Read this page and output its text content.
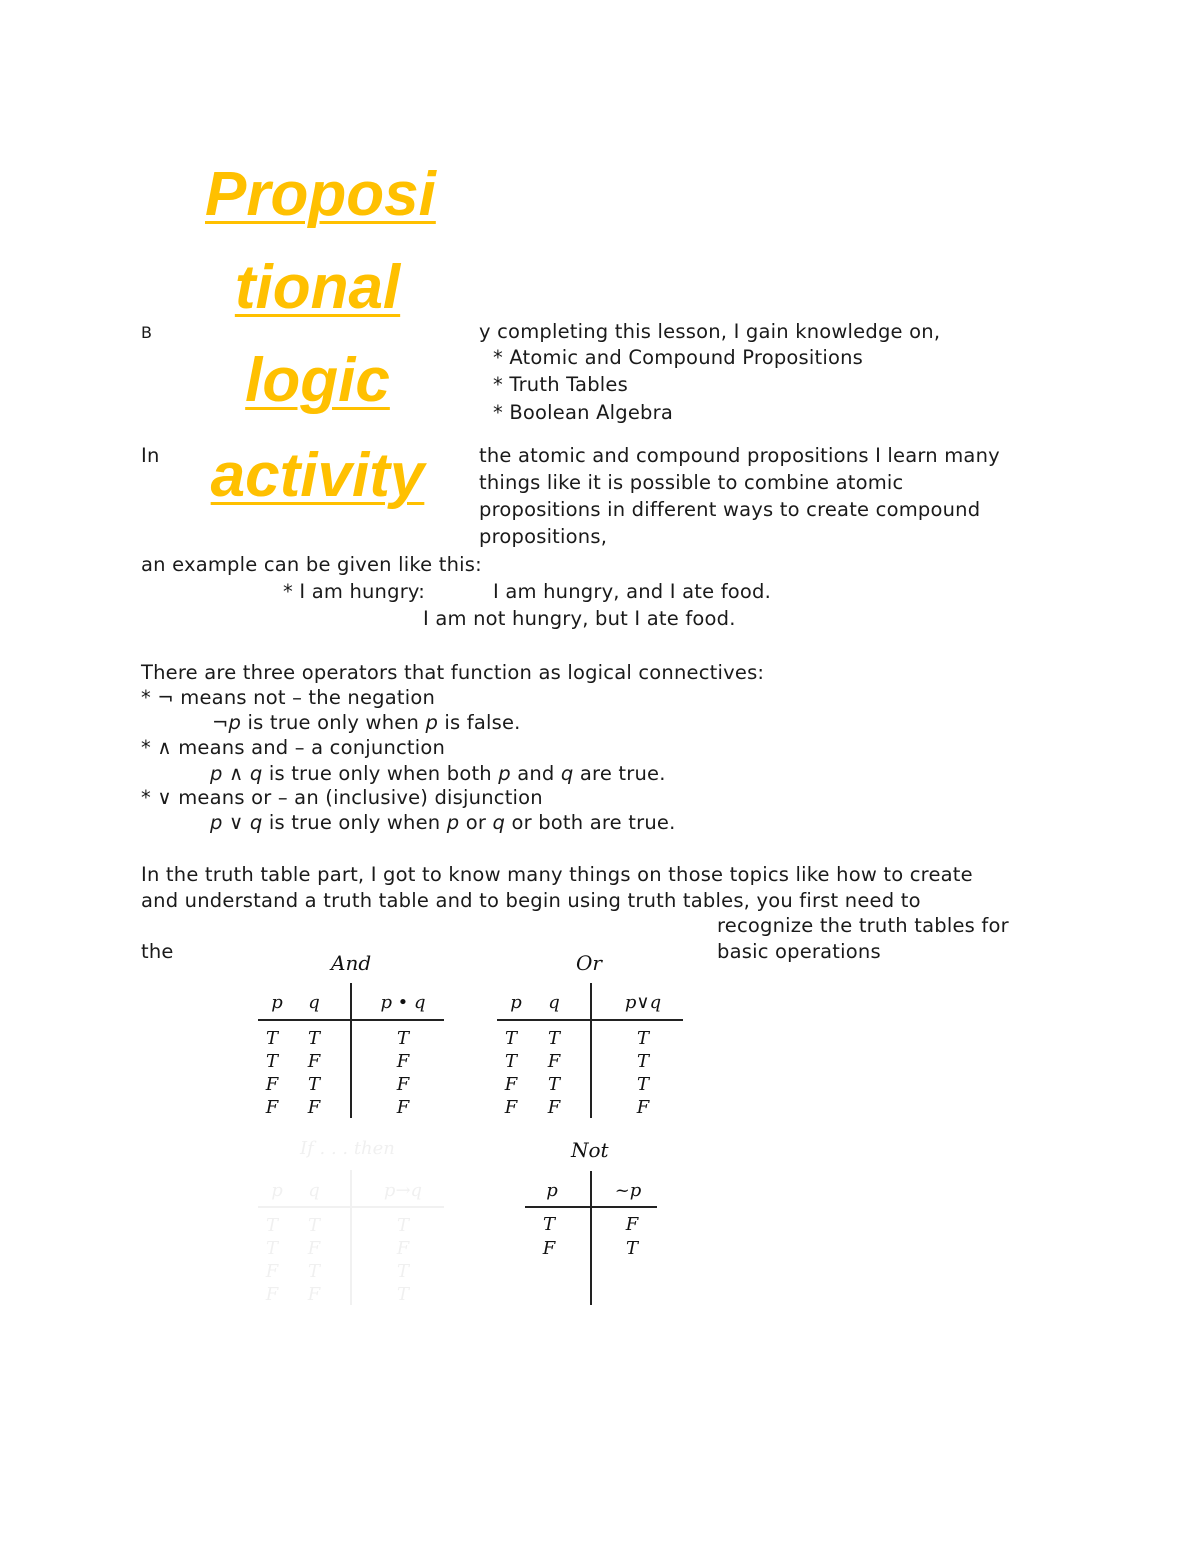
Proposi
tional
logic
activity
B	y completing this lesson, I gain knowledge on,
* Atomic and Compound Propositions
* Truth Tables
* Boolean Algebra
In	the atomic and compound propositions I learn many
things like it is possible to combine atomic
propositions in different ways to create compound
propositions,
an example can be given like this:
* I am hungry:	I am hungry, and I ate food.
I am not hungry, but I ate food.
There are three operators that function as logical connectives:
* ¬ means not – the negation
¬p is true only when p is false.
* ∧ means and – a conjunction
p ∧ q is true only when both p and q are true.
* ∨ means or – an (inclusive) disjunction
p ∨ q is true only when p or q or both are true.
In the truth table part, I got to know many things on those topics like how to create
and understand a truth table and to begin using truth tables, you first need to
recognize the truth tables for
the	basic operations
And
p	q	p • q
T	T	T
T	F	F
F	T	F
F	F	F
Or
p	q	p∨q
T	T	T
T	F	T
F	T	T
F	F	F
If . . . then
p	q	p→q
T	T	T
T	F	F
F	T	T
F	F	T
Not
p	~p
T	F
F	T
